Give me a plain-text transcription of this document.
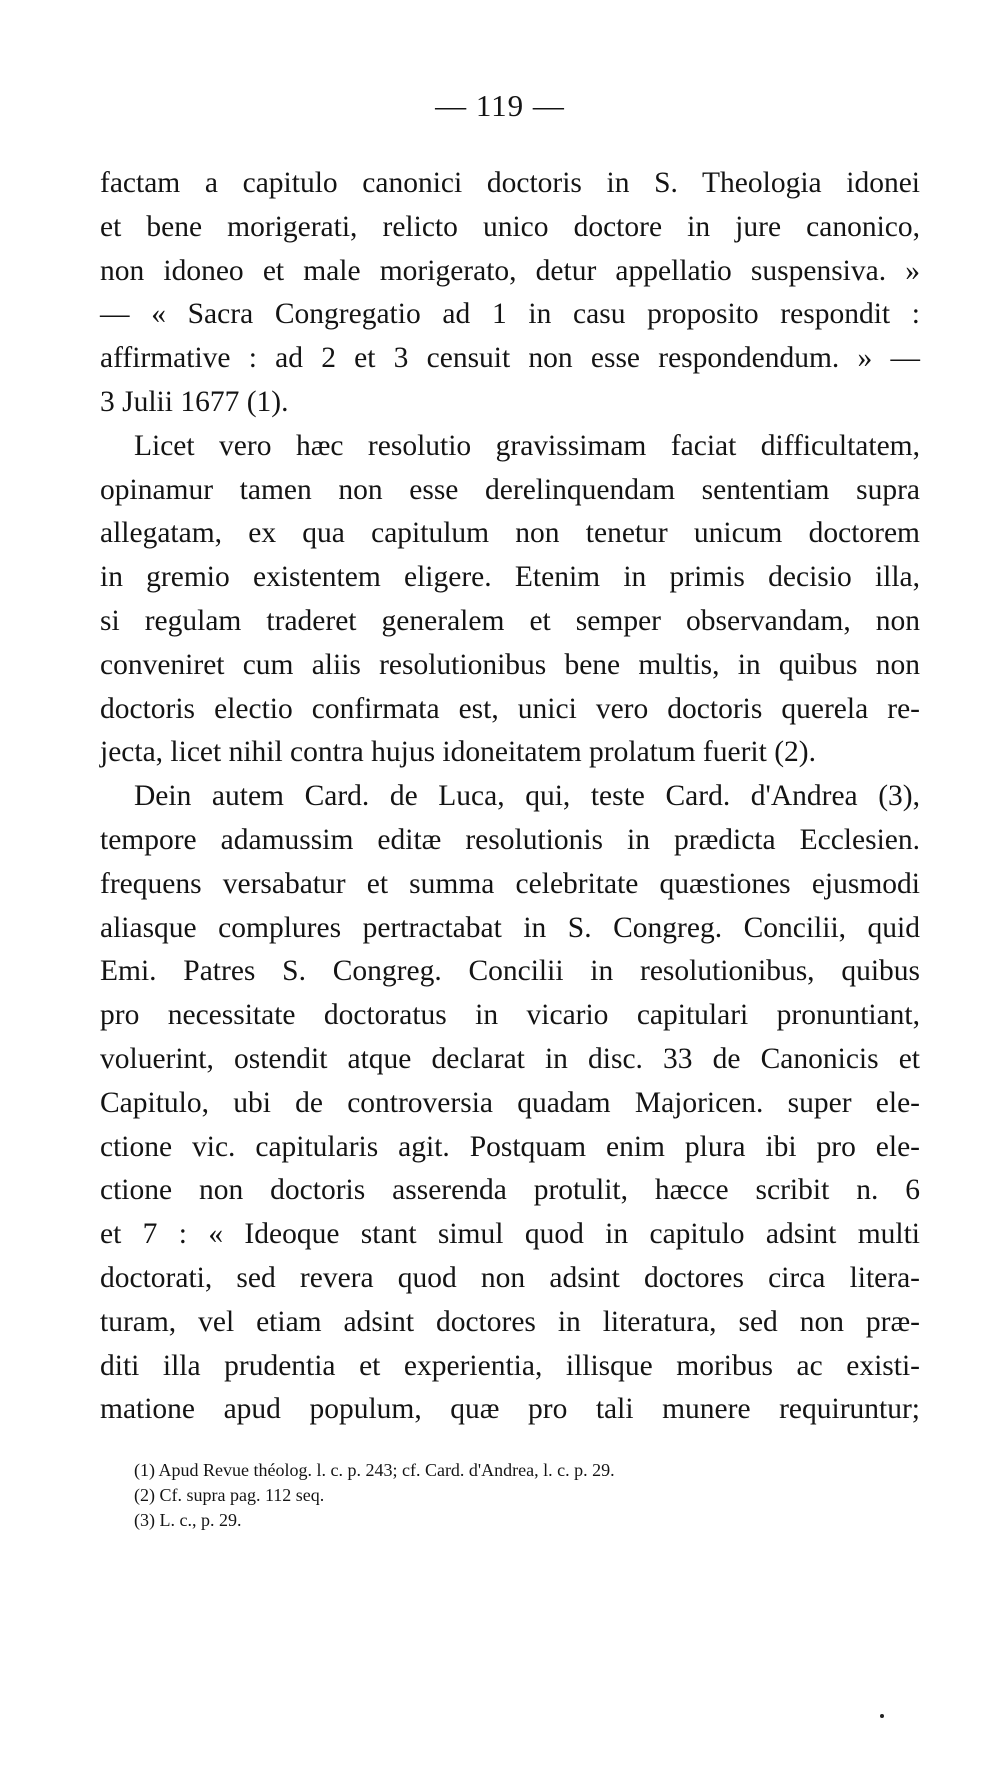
— 119 —
factam a capitulo canonici doctoris in S. Theologia idonei
et bene morigerati, relicto unico doctore in jure canonico,
non idoneo et male morigerato, detur appellatio suspensiva. »
— « Sacra Congregatio ad 1 in casu proposito respondit :
affirmative : ad 2 et 3 censuit non esse respondendum. » —
3 Julii 1677 (1).
Licet vero hæc resolutio gravissimam faciat difficultatem,
opinamur tamen non esse derelinquendam sententiam supra
allegatam, ex qua capitulum non tenetur unicum doctorem
in gremio existentem eligere. Etenim in primis decisio illa,
si regulam traderet generalem et semper observandam, non
conveniret cum aliis resolutionibus bene multis, in quibus non
doctoris electio confirmata est, unici vero doctoris querela re-
jecta, licet nihil contra hujus idoneitatem prolatum fuerit (2).
Dein autem Card. de Luca, qui, teste Card. d'Andrea (3),
tempore adamussim editæ resolutionis in prædicta Ecclesien.
frequens versabatur et summa celebritate quæstiones ejusmodi
aliasque complures pertractabat in S. Congreg. Concilii, quid
Emi. Patres S. Congreg. Concilii in resolutionibus, quibus
pro necessitate doctoratus in vicario capitulari pronuntiant,
voluerint, ostendit atque declarat in disc. 33 de Canonicis et
Capitulo, ubi de controversia quadam Majoricen. super ele-
ctione vic. capitularis agit. Postquam enim plura ibi pro ele-
ctione non doctoris asserenda protulit, hæcce scribit n. 6
et 7 : « Ideoque stant simul quod in capitulo adsint multi
doctorati, sed revera quod non adsint doctores circa litera-
turam, vel etiam adsint doctores in literatura, sed non præ-
diti illa prudentia et experientia, illisque moribus ac existi-
matione apud populum, quæ pro tali munere requiruntur;
(1) Apud Revue théolog. l. c. p. 243; cf. Card. d'Andrea, l. c. p. 29.
(2) Cf. supra pag. 112 seq.
(3) L. c., p. 29.
